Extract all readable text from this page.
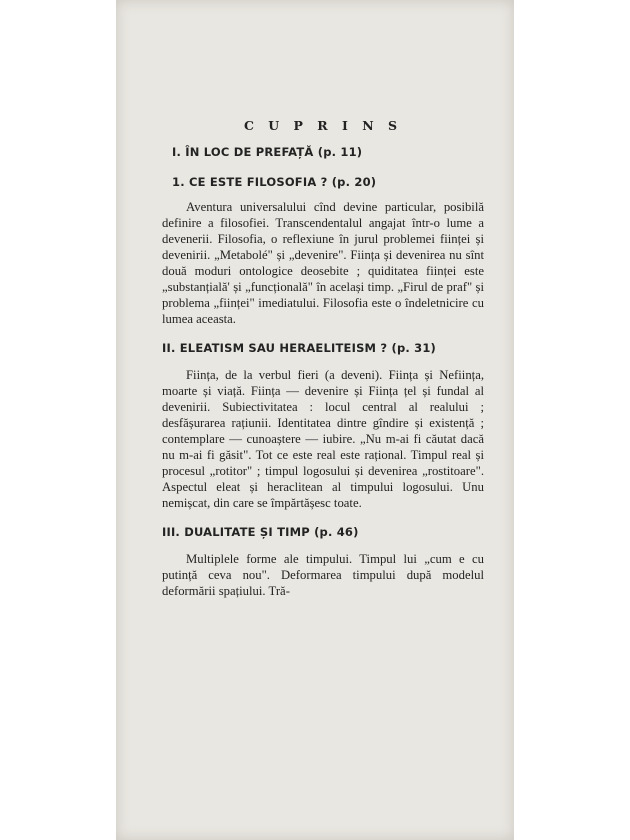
C U P R I N S
I. ÎN LOC DE PREFAȚĂ (p. 11)
1. CE ESTE FILOSOFIA ? (p. 20)

Aventura universalului cînd devine particular, posibilă definire a filosofiei. Transcendentalul angajat într-o lume a devenerii. Filosofia, o reflexiune în jurul problemei ființei și devenirii. „Metabolé" și „devenire". Ființa și devenirea nu sînt două moduri ontologice deosebite ; quiditatea ființei este „substanțială' și „funcțională" în același timp. „Firul de praf" și problema „ființei" imediatului. Filosofia este o îndeletnicire cu lumea aceasta.

II. ELEATISM SAU HERAELITEISM ? (p. 31)

Ființa, de la verbul fieri (a deveni). Ființa și Neființa, moarte și viață. Ființa — devenire și Ființa țel și fundal al devenirii. Subiectivitatea : locul central al realului ; desfășurarea rațiunii. Identitatea dintre gîndire și existență ; contemplare — cunoaștere — iubire. „Nu m-ai fi căutat dacă nu m-ai fi găsit". Tot ce este real este rațional. Timpul real și procesul „rotitor" ; timpul logosului și devenirea „rostitoare". Aspectul eleat și heraclitean al timpului logosului. Unu nemișcat, din care se împărtășesc toate.

III. DUALITATE ȘI TIMP (p. 46)

Multiplele forme ale timpului. Timpul lui „cum e cu putință ceva nou". Deformarea timpului după modelul deformării spațiului. Tră-
